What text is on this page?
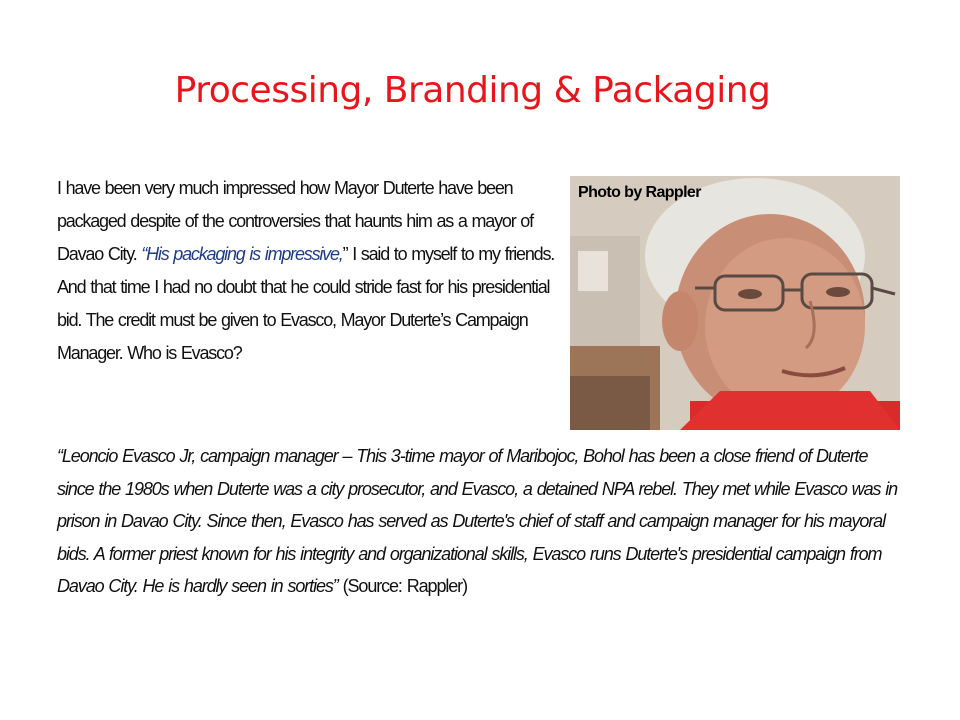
Processing, Branding & Packaging
I have been very much impressed how Mayor Duterte have been packaged despite of the controversies that haunts him as a mayor of Davao City. “His packaging is impressive,” I said to myself to my friends. And that time I had no doubt that he could stride fast for his presidential bid. The credit must be given to Evasco, Mayor Duterte’s Campaign Manager. Who is Evasco?
Photo by Rappler
“Leoncio Evasco Jr, campaign manager – This 3-time mayor of Maribojoc, Bohol has been a close friend of Duterte since the 1980s when Duterte was a city prosecutor, and Evasco, a detained NPA rebel. They met while Evasco was in prison in Davao City. Since then, Evasco has served as Duterte's chief of staff and campaign manager for his mayoral bids. A former priest known for his integrity and organizational skills, Evasco runs Duterte's presidential campaign from Davao City. He is hardly seen in sorties” (Source: Rappler)
